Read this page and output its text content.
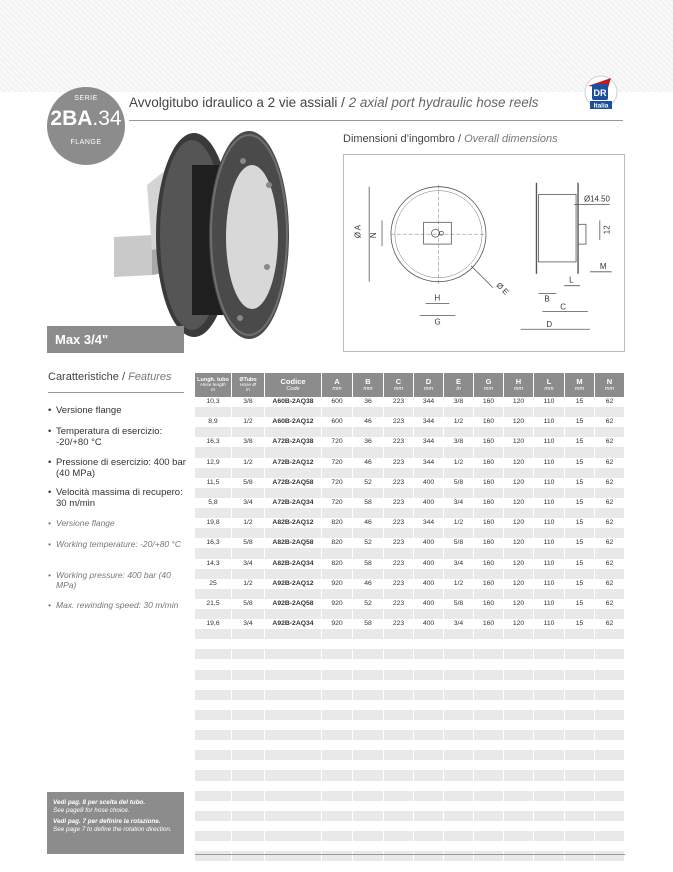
SERIE
2BA.34
FLANGE
Avvolgitubo idraulico a 2 vie assiali / 2 axial port hydraulic hose reels
DR
Italia
Max 3/4"
Dimensioni d’ingombro / Overall dimensions
Ø A N
Ø E
H
G
Ø14.50
12
M
L
B
C
D
Caratteristiche / Features
• Versione flange
• Temperatura di esercizio: -20/+80 °C
• Pressione di esercizio: 400 bar (40 MPa)
• Velocità massima di recupero: 30 m/min
• Versione flange
• Working temperature: -20/+80 °C
• Working pressure: 400 bar (40 MPa)
• Max. rewinding speed: 30 m/min

Vedi pag. 8 per scelta del tubo.

See page8 for hose choice.

Vedi pag. 7 per definire la rotazione.

See page 7 to define the rotation direction.

Lungh. tubo
Hose length
m	ØTubo
Hose Ø
in	Codice
Code	A
mm	B
mm	C
mm	D
mm	E
In	G
mm	H
mm	L
mm	M
mm	N
mm

10,3	3/8	A60B-2AQ38	600	36	223	344	3/8	160	120	110	15	62

8,9	1/2	A60B-2AQ12	600	46	223	344	1/2	160	120	110	15	62

16,3	3/8	A72B-2AQ38	720	36	223	344	3/8	160	120	110	15	62

12,9	1/2	A72B-2AQ12	720	46	223	344	1/2	160	120	110	15	62

11,5	5/8	A72B-2AQ58	720	52	223	400	5/8	160	120	110	15	62

5,8	3/4	A72B-2AQ34	720	58	223	400	3/4	160	120	110	15	62

19,8	1/2	A82B-2AQ12	820	46	223	344	1/2	160	120	110	15	62

16,3	5/8	A82B-2AQ58	820	52	223	400	5/8	160	120	110	15	62

14,3	3/4	A82B-2AQ34	820	58	223	400	3/4	160	120	110	15	62

25	1/2	A92B-2AQ12	920	46	223	400	1/2	160	120	110	15	62

21,5	5/8	A92B-2AQ58	920	52	223	400	5/8	160	120	110	15	62

19,6	3/4	A92B-2AQ34	920	58	223	400	3/4	160	120	110	15	62
